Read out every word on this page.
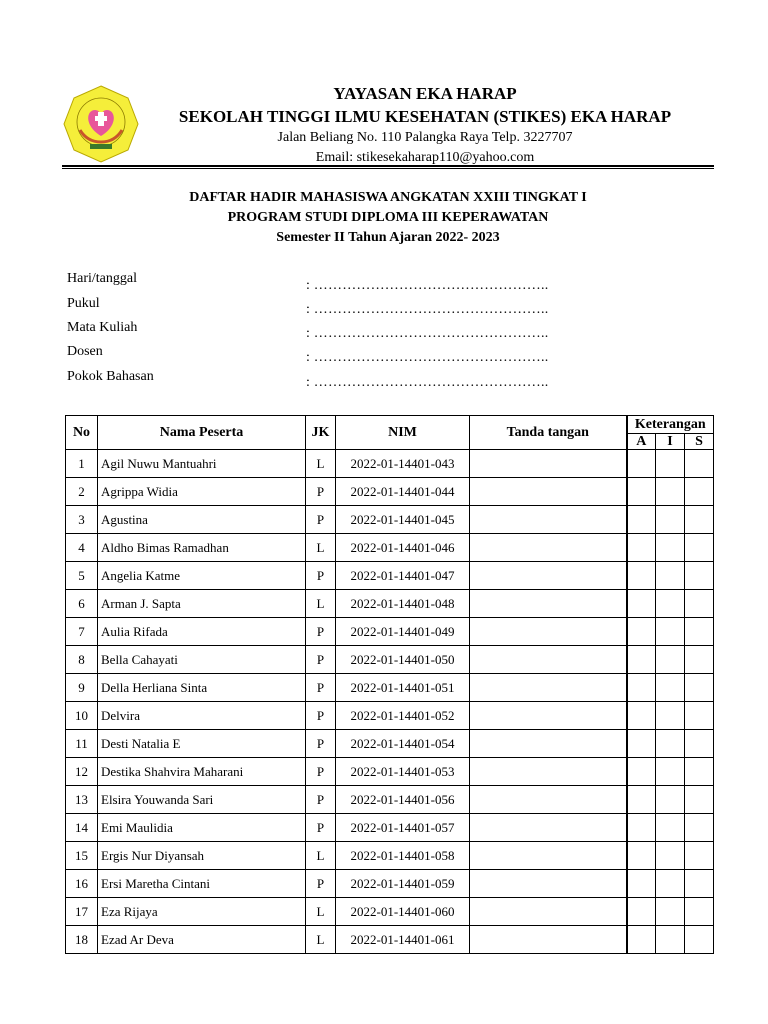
YAYASAN EKA HARAP
SEKOLAH TINGGI ILMU KESEHATAN (STIKES) EKA HARAP
Jalan Beliang No. 110 Palangka Raya Telp. 3227707
Email: stikesekaharap110@yahoo.com
DAFTAR HADIR MAHASISWA ANGKATAN XXIII TINGKAT I
PROGRAM STUDI DIPLOMA III KEPERAWATAN
Semester II Tahun Ajaran 2022- 2023
Hari/tanggal	: …………………………………………..
Pukul	: …………………………………………..
Mata Kuliah	: …………………………………………..
Dosen	: …………………………………………..
Pokok Bahasan	: …………………………………………..
No	Nama Peserta	JK	NIM	Tanda tangan	Keterangan		
					A	I	S
1	Agil Nuwu Mantuahri	L	2022-01-14401-043				
2	Agrippa Widia	P	2022-01-14401-044				
3	Agustina	P	2022-01-14401-045				
4	Aldho Bimas Ramadhan	L	2022-01-14401-046				
5	Angelia Katme	P	2022-01-14401-047				
6	Arman J. Sapta	L	2022-01-14401-048				
7	Aulia Rifada	P	2022-01-14401-049				
8	Bella Cahayati	P	2022-01-14401-050				
9	Della Herliana Sinta	P	2022-01-14401-051				
10	Delvira	P	2022-01-14401-052				
11	Desti Natalia E	P	2022-01-14401-054				
12	Destika Shahvira Maharani	P	2022-01-14401-053				
13	Elsira Youwanda Sari	P	2022-01-14401-056				
14	Emi Maulidia	P	2022-01-14401-057				
15	Ergis Nur Diyansah	L	2022-01-14401-058				
16	Ersi Maretha Cintani	P	2022-01-14401-059				
17	Eza Rijaya	L	2022-01-14401-060				
18	Ezad Ar Deva	L	2022-01-14401-061				
